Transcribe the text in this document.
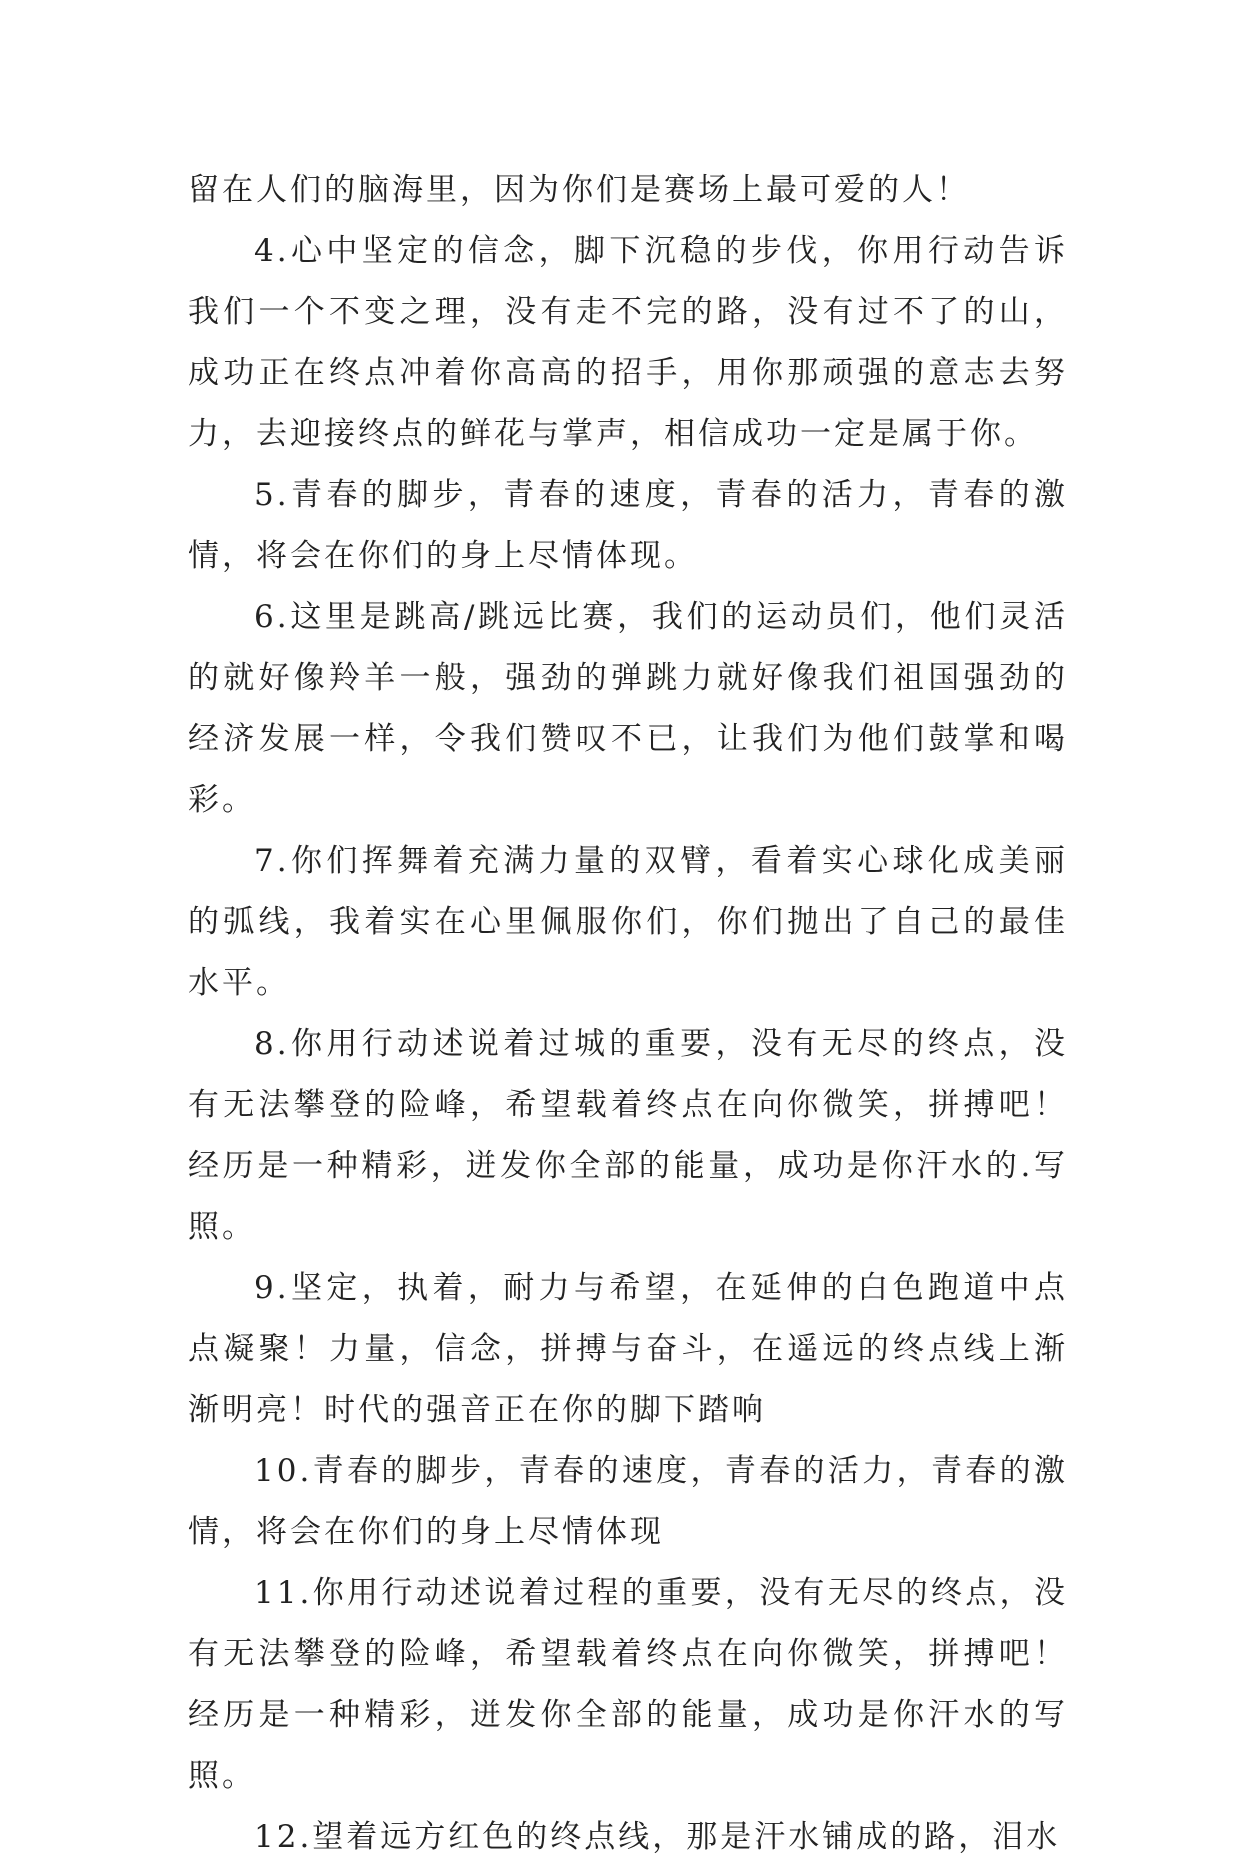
留在人们的脑海里，因为你们是赛场上最可爱的人！

4.心中坚定的信念，脚下沉稳的步伐，你用行动告诉我们一个不变之理，没有走不完的路，没有过不了的山，成功正在终点冲着你高高的招手，用你那顽强的意志去努力，去迎接终点的鲜花与掌声，相信成功一定是属于你。

5.青春的脚步，青春的速度，青春的活力，青春的激情，将会在你们的身上尽情体现。

6.这里是跳高/跳远比赛，我们的运动员们，他们灵活的就好像羚羊一般，强劲的弹跳力就好像我们祖国强劲的经济发展一样，令我们赞叹不已，让我们为他们鼓掌和喝彩。

7.你们挥舞着充满力量的双臂，看着实心球化成美丽的弧线，我着实在心里佩服你们，你们抛出了自己的最佳水平。

8.你用行动述说着过城的重要，没有无尽的终点，没有无法攀登的险峰，希望载着终点在向你微笑，拼搏吧！经历是一种精彩，迸发你全部的能量，成功是你汗水的.写照。

9.坚定，执着，耐力与希望，在延伸的白色跑道中点点凝聚！力量，信念，拼搏与奋斗，在遥远的终点线上渐渐明亮！时代的强音正在你的脚下踏响

10.青春的脚步，青春的速度，青春的活力，青春的激情，将会在你们的身上尽情体现

11.你用行动述说着过程的重要，没有无尽的终点，没有无法攀登的险峰，希望载着终点在向你微笑，拼搏吧！经历是一种精彩，迸发你全部的能量，成功是你汗水的写照。

12.望着远方红色的终点线，那是汗水铺成的路，泪水
